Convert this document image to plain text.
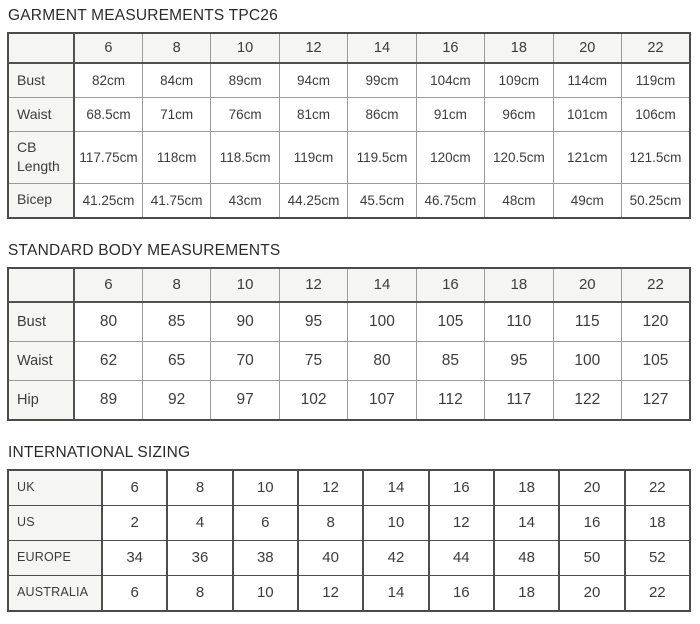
GARMENT MEASUREMENTS TPC26
	6	8	10	12	14	16	18	20	22
Bust	82cm	84cm	89cm	94cm	99cm	104cm	109cm	114cm	119cm
Waist	68.5cm	71cm	76cm	81cm	86cm	91cm	96cm	101cm	106cm
CB Length	117.75cm	118cm	118.5cm	119cm	119.5cm	120cm	120.5cm	121cm	121.5cm
Bicep	41.25cm	41.75cm	43cm	44.25cm	45.5cm	46.75cm	48cm	49cm	50.25cm
STANDARD BODY MEASUREMENTS
	6	8	10	12	14	16	18	20	22
Bust	80	85	90	95	100	105	110	115	120
Waist	62	65	70	75	80	85	95	100	105
Hip	89	92	97	102	107	112	117	122	127
INTERNATIONAL SIZING
UK	6	8	10	12	14	16	18	20	22
US	2	4	6	8	10	12	14	16	18
EUROPE	34	36	38	40	42	44	48	50	52
AUSTRALIA	6	8	10	12	14	16	18	20	22
